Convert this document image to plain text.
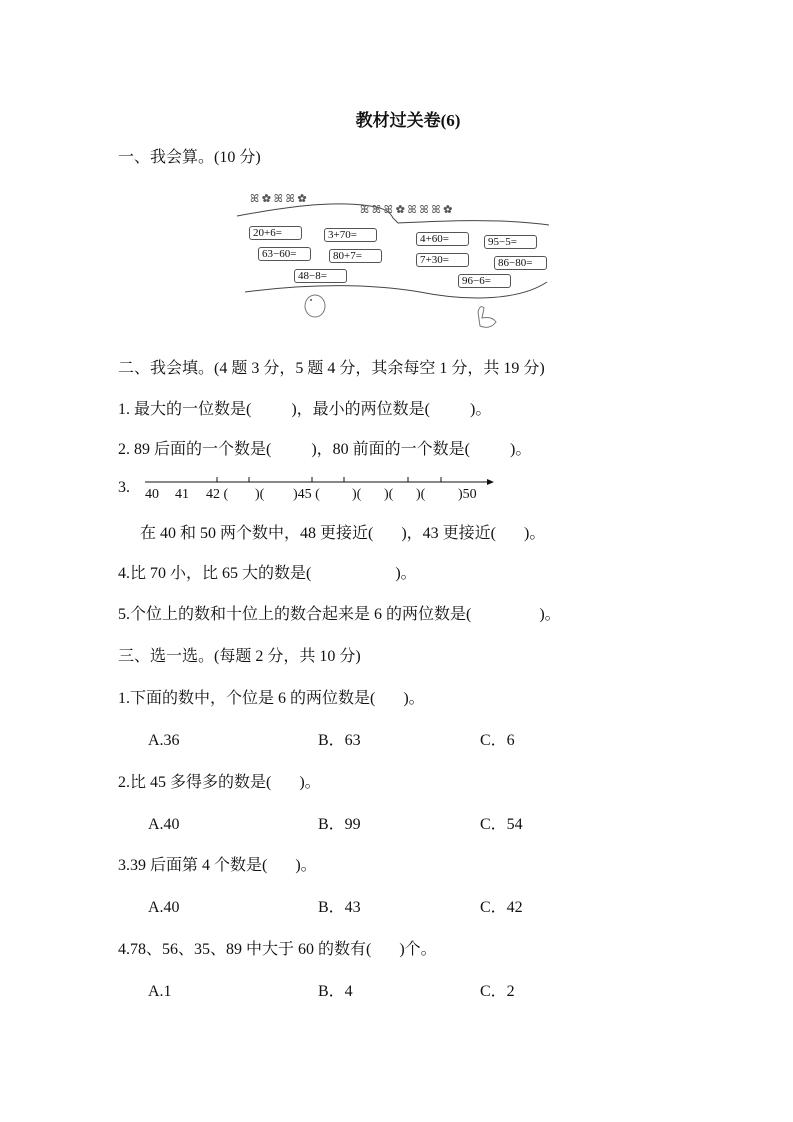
教材过关卷(6)
一、我会算。(10 分)
ꕤ ✿ ꕤ ꕤ ✿
ꕤ ꕤ ꕤ ✿ ꕤ ꕤ ꕤ ✿
20+6=	3+70=
63−60=	80+7=
48−8=
4+60=
7+30=
95−5=
86−80=
96−6=
二、我会填。(4 题 3 分，5 题 4 分，其余每空 1 分，共 19 分)
1. 最大的一位数是(          )，最小的两位数是(          )。
2. 89 后面的一个数是(          )，80 前面的一个数是(          )。
3. 40 41 42 ( )( )45 ( )( )( )( )50
在 40 和 50 两个数中，48 更接近(       )，43 更接近(       )。
4.比 70 小，比 65 大的数是(                     )。
5.个位上的数和十位上的数合起来是 6 的两位数是(                 )。
三、选一选。(每题 2 分，共 10 分)
1.下面的数中，个位是 6 的两位数是(       )。
A.36	B．63	C．6
2.比 45 多得多的数是(       )。
A.40	B．99	C．54
3.39 后面第 4 个数是(       )。
A.40	B．43	C．42
4.78、56、35、89 中大于 60 的数有(       )个。
A.1	B．4	C．2
